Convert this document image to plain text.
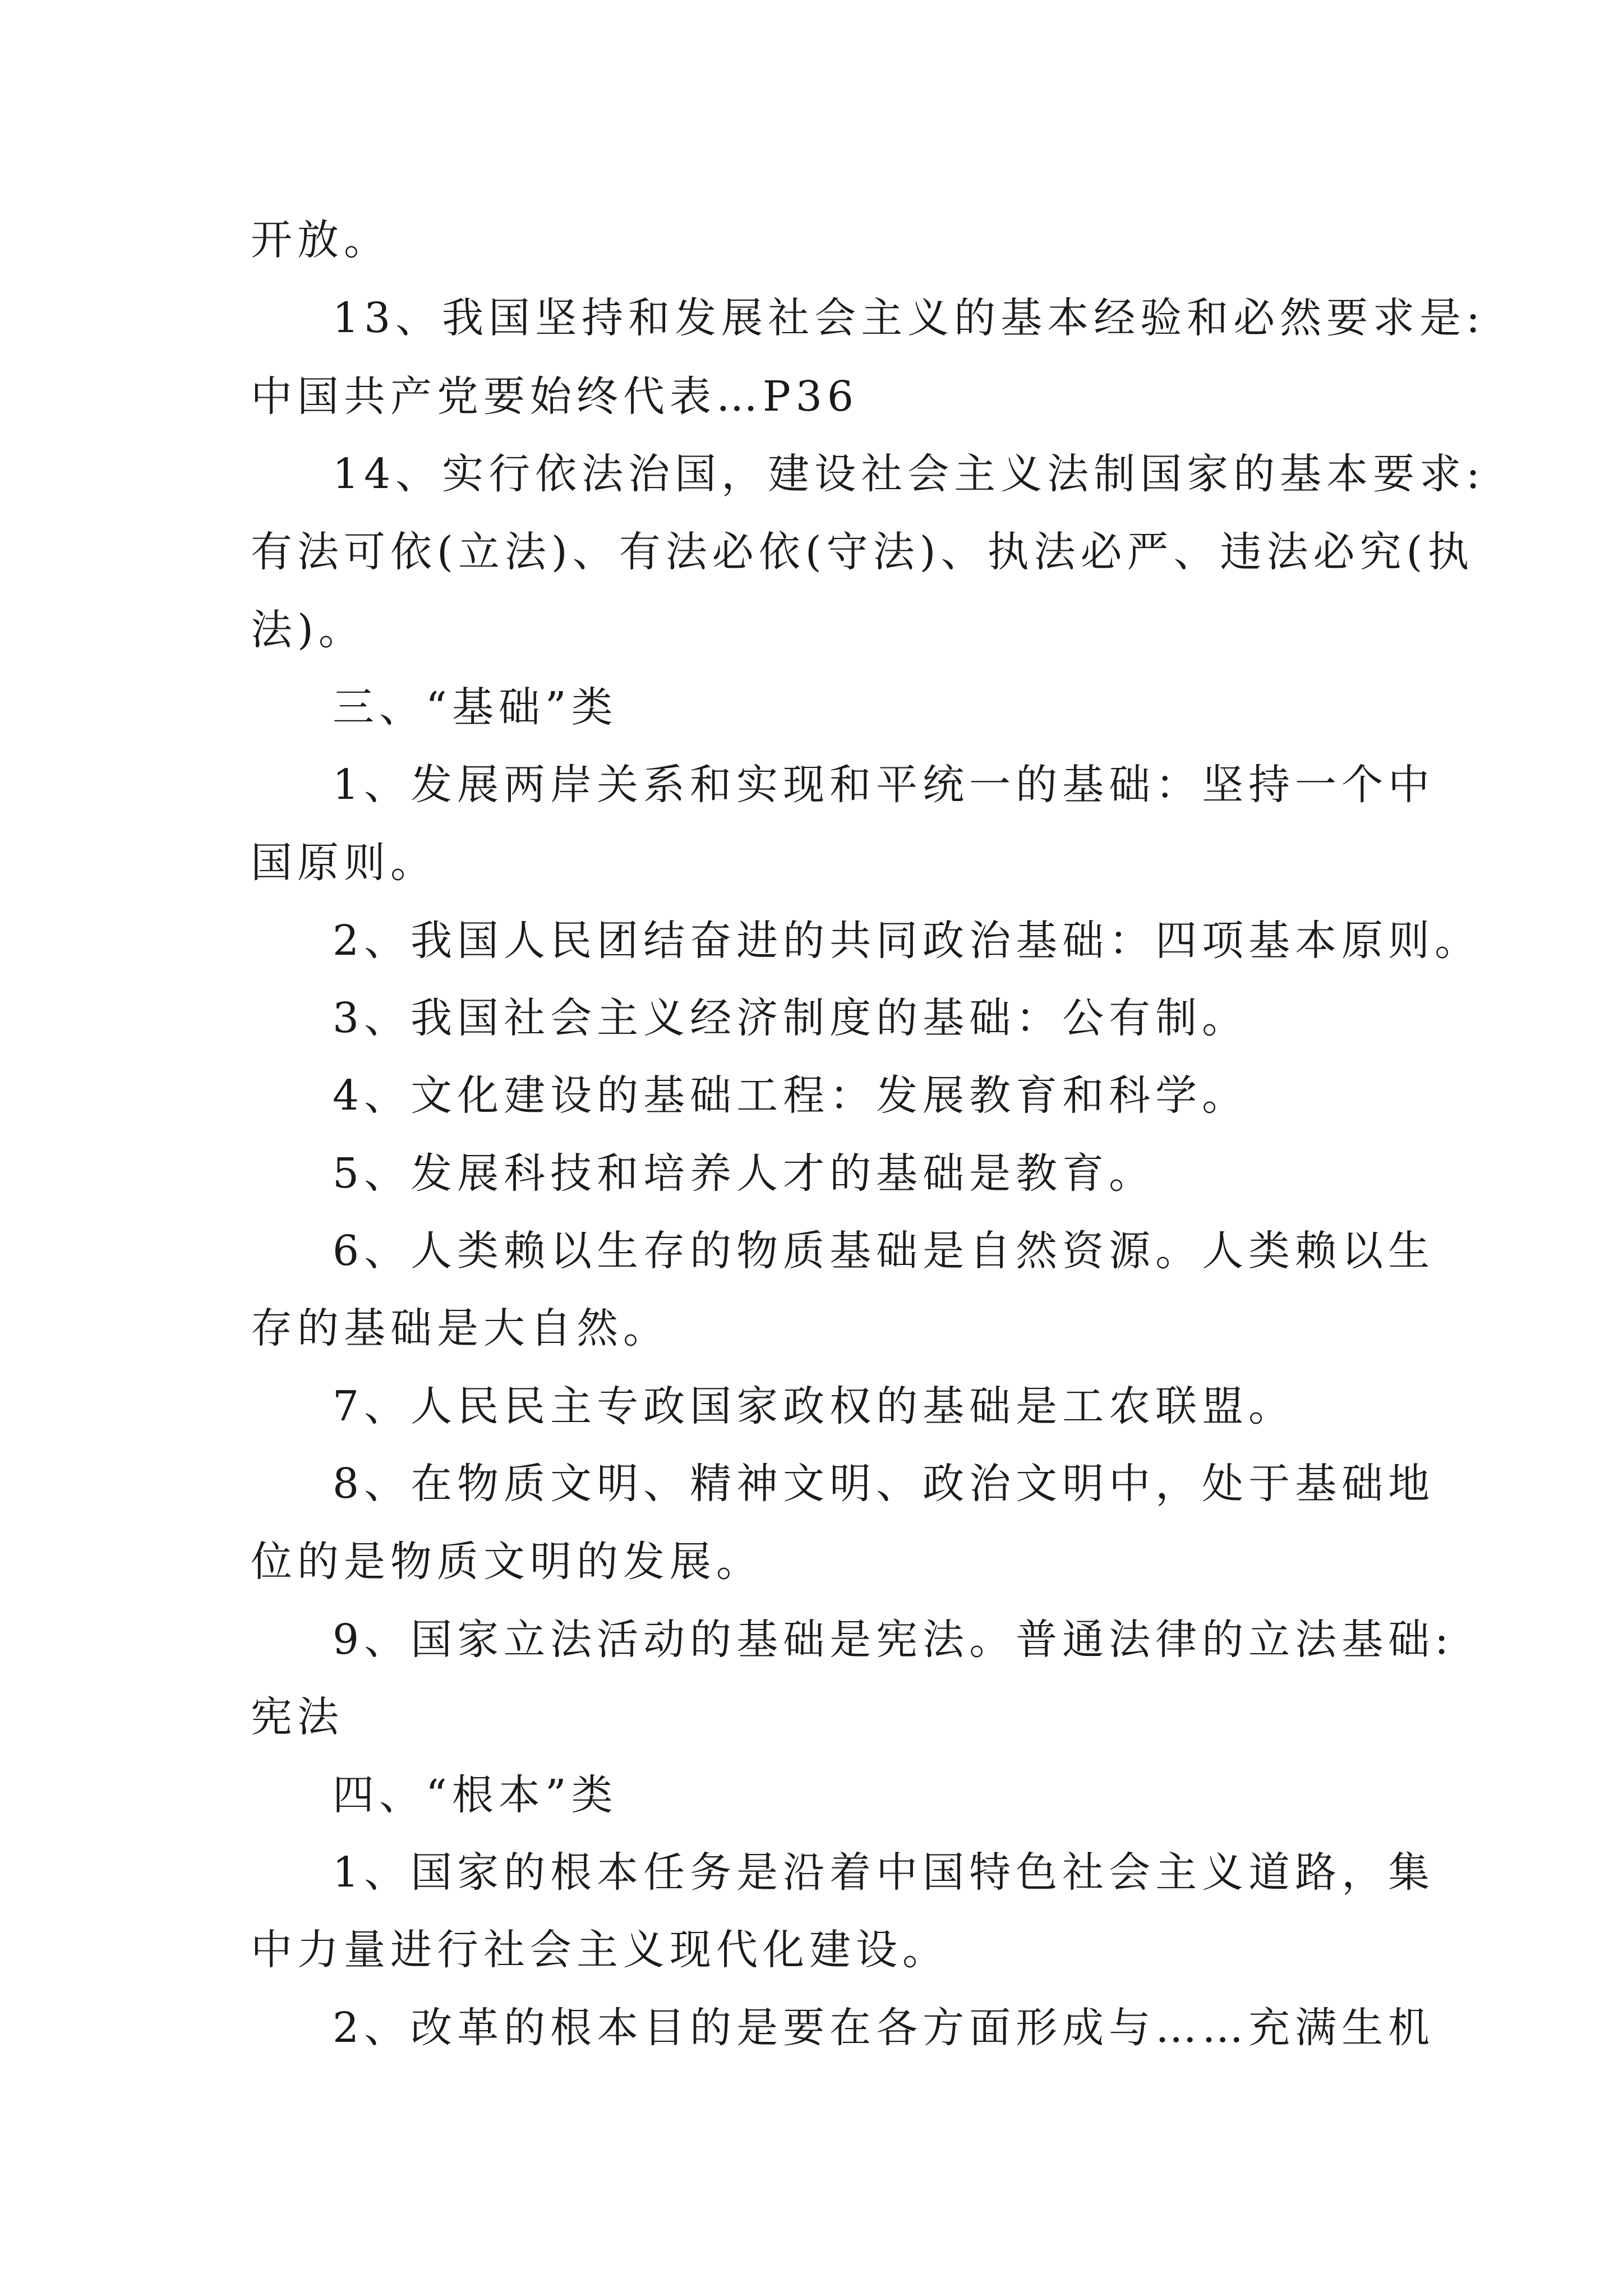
开放。

13、我国坚持和发展社会主义的基本经验和必然要求是:

中国共产党要始终代表…P36

14、实行依法治国，建设社会主义法制国家的基本要求:

有法可依(立法)、有法必依(守法)、执法必严、违法必究(执

法)。

三、“基础”类

1、发展两岸关系和实现和平统一的基础：坚持一个中

国原则。

2、我国人民团结奋进的共同政治基础：四项基本原则。

3、我国社会主义经济制度的基础：公有制。

4、文化建设的基础工程：发展教育和科学。

5、发展科技和培养人才的基础是教育。

6、人类赖以生存的物质基础是自然资源。人类赖以生

存的基础是大自然。

7、人民民主专政国家政权的基础是工农联盟。

8、在物质文明、精神文明、政治文明中，处于基础地

位的是物质文明的发展。

9、国家立法活动的基础是宪法。普通法律的立法基础:

宪法

四、“根本”类

1、国家的根本任务是沿着中国特色社会主义道路，集

中力量进行社会主义现代化建设。

2、改革的根本目的是要在各方面形成与……充满生机
